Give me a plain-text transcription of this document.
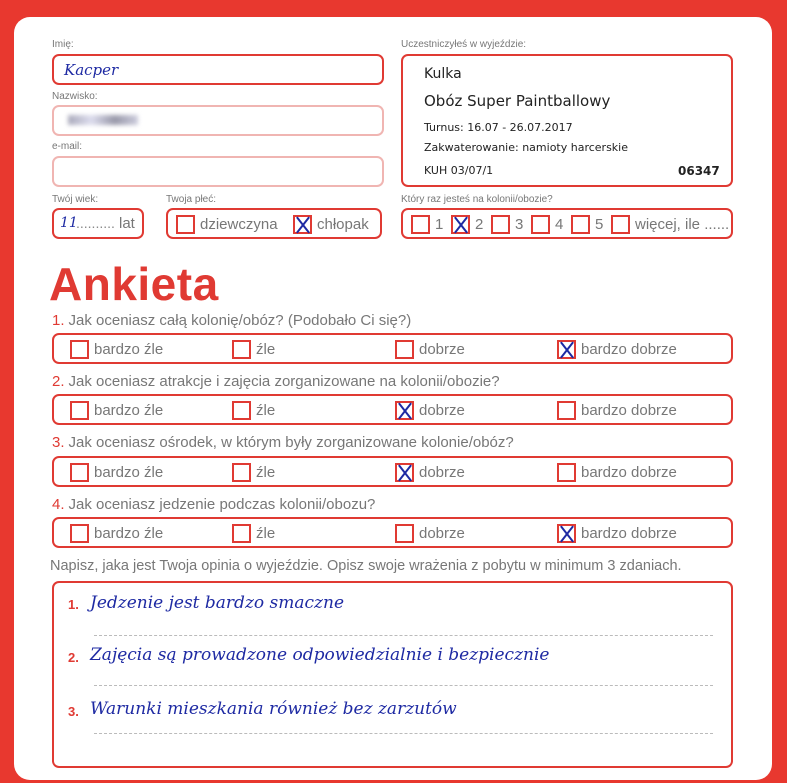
Imię:
Kacper
Nazwisko:
e-mail:
Uczestniczyłeś w wyjeździe:
Kulka
Obóz Super Paintballowy
Turnus: 16.07 - 26.07.2017
Zakwaterowanie: namioty harcerskie
KUH 03/07/1	06347
Twój wiek:
11
.......... lat
Twoja płeć:
dziewczyna	chłopak
Który raz jesteś na kolonii/obozie?
1	2	3	4	5	więcej, ile ......
Ankieta
1. Jak oceniasz całą kolonię/obóz? (Podobało Ci się?)
bardzo źle	źle	dobrze	bardzo dobrze
2. Jak oceniasz atrakcje i zajęcia zorganizowane na kolonii/obozie?
bardzo źle	źle	dobrze	bardzo dobrze
3. Jak oceniasz ośrodek, w którym były zorganizowane kolonie/obóz?
bardzo źle	źle	dobrze	bardzo dobrze
4. Jak oceniasz jedzenie podczas kolonii/obozu?
bardzo źle	źle	dobrze	bardzo dobrze
Napisz, jaka jest Twoja opinia o wyjeździe. Opisz swoje wrażenia z pobytu w minimum 3 zdaniach.
1. Jedzenie jest bardzo smaczne
2. Zajęcia są prowadzone odpowiedzialnie i bezpiecznie
3. Warunki mieszkania również bez zarzutów
